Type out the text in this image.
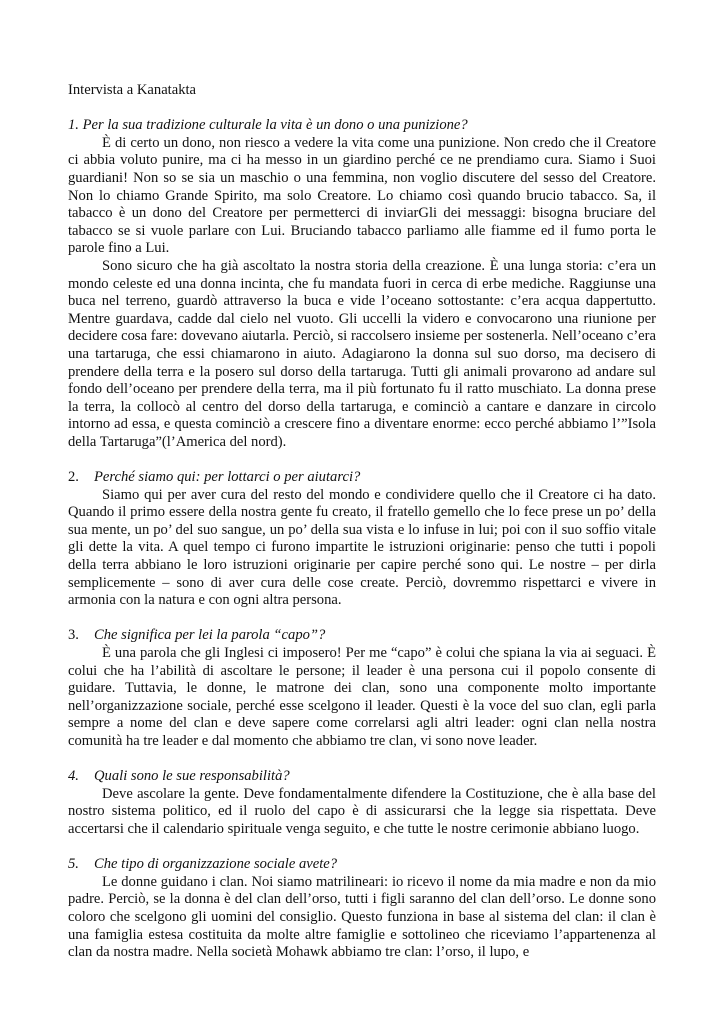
Intervista a Kanatakta

1. Per la sua tradizione culturale la vita è un dono o una punizione?

È di certo un dono, non riesco a vedere la vita come una punizione. Non credo che il Creatore ci abbia voluto punire, ma ci ha messo in un giardino perché ce ne prendiamo cura. Siamo i Suoi guardiani! Non so se sia un maschio o una femmina, non voglio discutere del sesso del Creatore. Non lo chiamo Grande Spirito, ma solo Creatore. Lo chiamo così quando brucio tabacco. Sa, il tabacco è un dono del Creatore per permetterci di inviarGli dei messaggi: bisogna bruciare del tabacco se si vuole parlare con Lui. Bruciando tabacco parliamo alle fiamme ed il fumo porta le parole fino a Lui.

Sono sicuro che ha già ascoltato la nostra storia della creazione. È una lunga storia: c’era un mondo celeste ed una donna incinta, che fu mandata fuori in cerca di erbe mediche. Raggiunse una buca nel terreno, guardò attraverso la buca e vide l’oceano sottostante: c’era acqua dappertutto. Mentre guardava, cadde dal cielo nel vuoto. Gli uccelli la videro e convocarono una riunione per decidere cosa fare: dovevano aiutarla. Perciò, si raccolsero insieme per sostenerla. Nell’oceano c’era una tartaruga, che essi chiamarono in aiuto. Adagiarono la donna sul suo dorso, ma decisero di prendere della terra e la posero sul dorso della tartaruga. Tutti gli animali provarono ad andare sul fondo dell’oceano per prendere della terra, ma il più fortunato fu il ratto muschiato. La donna prese la terra, la collocò al centro del dorso della tartaruga, e cominciò a cantare e danzare in circolo intorno ad essa, e questa cominciò a crescere fino a diventare enorme: ecco perché abbiamo l’”Isola della Tartaruga”(l’America del nord).

2.	Perché siamo qui: per lottarci o per aiutarci?

Siamo qui per aver cura del resto del mondo e condividere quello che il Creatore ci ha dato. Quando il primo essere della nostra gente fu creato, il fratello gemello che lo fece prese un po’ della sua mente, un po’ del suo sangue, un po’ della sua vista e lo infuse in lui; poi con il suo soffio vitale gli dette la vita. A quel tempo ci furono impartite le istruzioni originarie: penso che tutti i popoli della terra abbiano le loro istruzioni originarie per capire perché sono qui. Le nostre – per dirla semplicemente – sono di aver cura delle cose create. Perciò, dovremmo rispettarci e vivere in armonia con la natura e con ogni altra persona.

3.	Che significa per lei la parola “capo”?

È una parola che gli Inglesi ci imposero! Per me “capo” è colui che spiana la via ai seguaci. È colui che ha l’abilità di ascoltare le persone; il leader è una persona cui il popolo consente di guidare. Tuttavia, le donne, le matrone dei clan, sono una componente molto importante nell’organizzazione sociale, perché esse scelgono il leader. Questi è la voce del suo clan, egli parla sempre a nome del clan e deve sapere come correlarsi agli altri leader: ogni clan nella nostra comunità ha tre leader e dal momento che abbiamo tre clan, vi sono nove leader.

4.	Quali sono le sue responsabilità?

Deve ascolare la gente. Deve fondamentalmente difendere la Costituzione, che è alla base del nostro sistema politico, ed il ruolo del capo è di assicurarsi che la legge sia rispettata. Deve accertarsi che il calendario spirituale venga seguito, e che tutte le nostre cerimonie abbiano luogo.

5.	Che tipo di organizzazione sociale avete?

Le donne guidano i clan. Noi siamo matrilineari: io ricevo il nome da mia madre e non da mio padre. Perciò, se la donna è del clan dell’orso, tutti i figli saranno del clan dell’orso. Le donne sono coloro che scelgono gli uomini del consiglio. Questo funziona in base al sistema del clan: il clan è una famiglia estesa costituita da molte altre famiglie e sottolineo che riceviamo l’appartenenza al clan da nostra madre. Nella società Mohawk abbiamo tre clan: l’orso, il lupo, e
